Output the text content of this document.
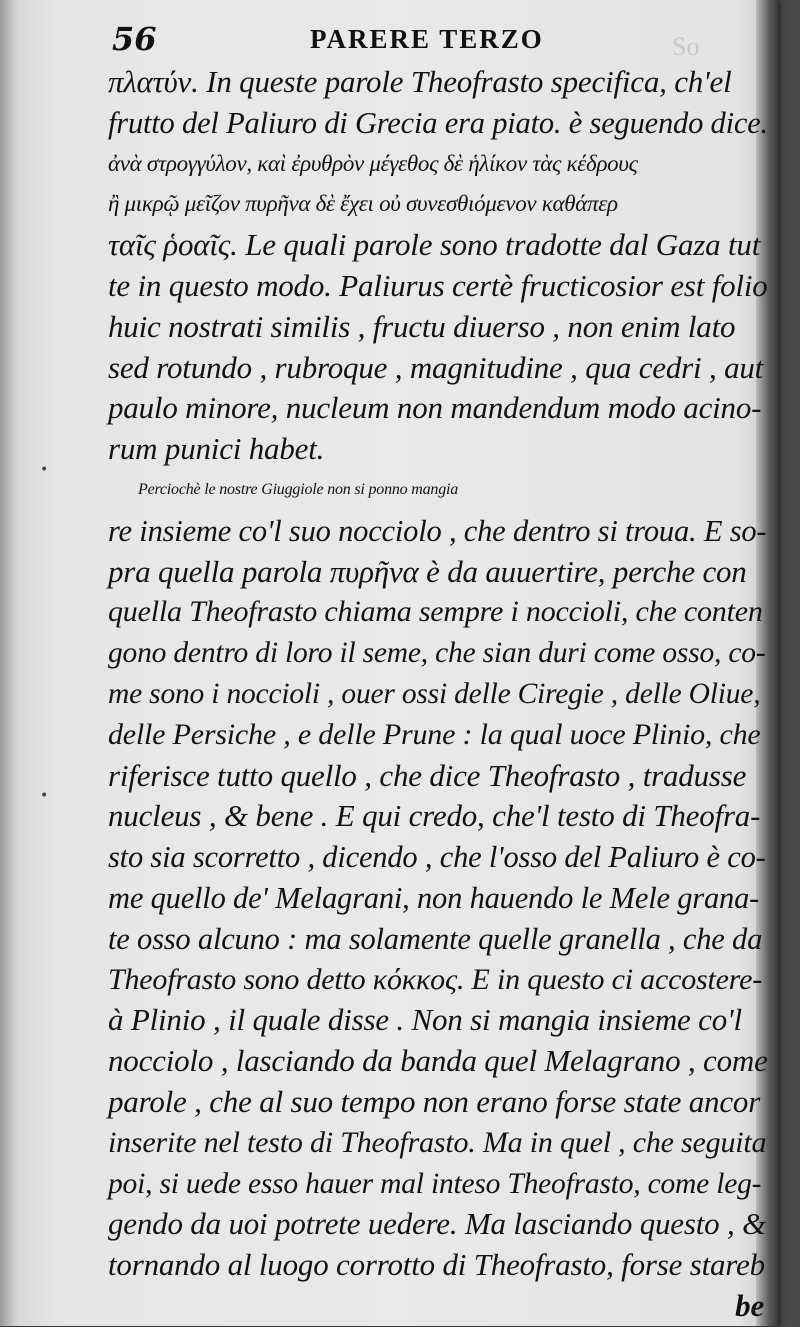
56	PARERE TERZO	So
•
•
πλατύν. In queste parole Theofrasto specifica, ch'el
frutto del Paliuro di Grecia era piato. è seguendo dice.
ἀνὰ στρογγύλον, καὶ ἐρυθρὸν μέγεθος δὲ ἡλίκον τὰς κέδρους
ἢ μικρῷ μεῖζον πυρῆνα δὲ ἔχει οὐ συνεσθιόμενον καθάπερ
ταῖς ῥοαῖς. Le quali parole sono tradotte dal Gaza tut
te in questo modo. Paliurus certè fructicosior est folio
huic nostrati similis , fructu diuerso , non enim lato
sed rotundo , rubroque , magnitudine , qua cedri , aut
paulo minore, nucleum non mandendum modo acino-
rum punici habet.
Perciochè le nostre Giuggiole non si ponno mangia
re insieme co'l suo nocciolo , che dentro si troua. E so-
pra quella parola πυρῆνα è da auuertire, perche con
quella Theofrasto chiama sempre i noccioli, che conten
gono dentro di loro il seme, che sian duri come osso, co-
me sono i noccioli , ouer ossi delle Ciregie , delle Oliue,
delle Persiche , e delle Prune : la qual uoce Plinio, che
riferisce tutto quello , che dice Theofrasto , tradusse
nucleus , & bene . E qui credo, che'l testo di Theofra-
sto sia scorretto , dicendo , che l'osso del Paliuro è co-
me quello de' Melagrani, non hauendo le Mele grana-
te osso alcuno : ma solamente quelle granella , che da
Theofrasto sono detto κόκκος. E in questo ci accostere-
à Plinio , il quale disse . Non si mangia insieme co'l
nocciolo , lasciando da banda quel Melagrano , come
parole , che al suo tempo non erano forse state ancor
inserite nel testo di Theofrasto. Ma in quel , che seguita
poi, si uede esso hauer mal inteso Theofrasto, come leg-
gendo da uoi potrete uedere. Ma lasciando questo , &
tornando al luogo corrotto di Theofrasto, forse stareb
be
